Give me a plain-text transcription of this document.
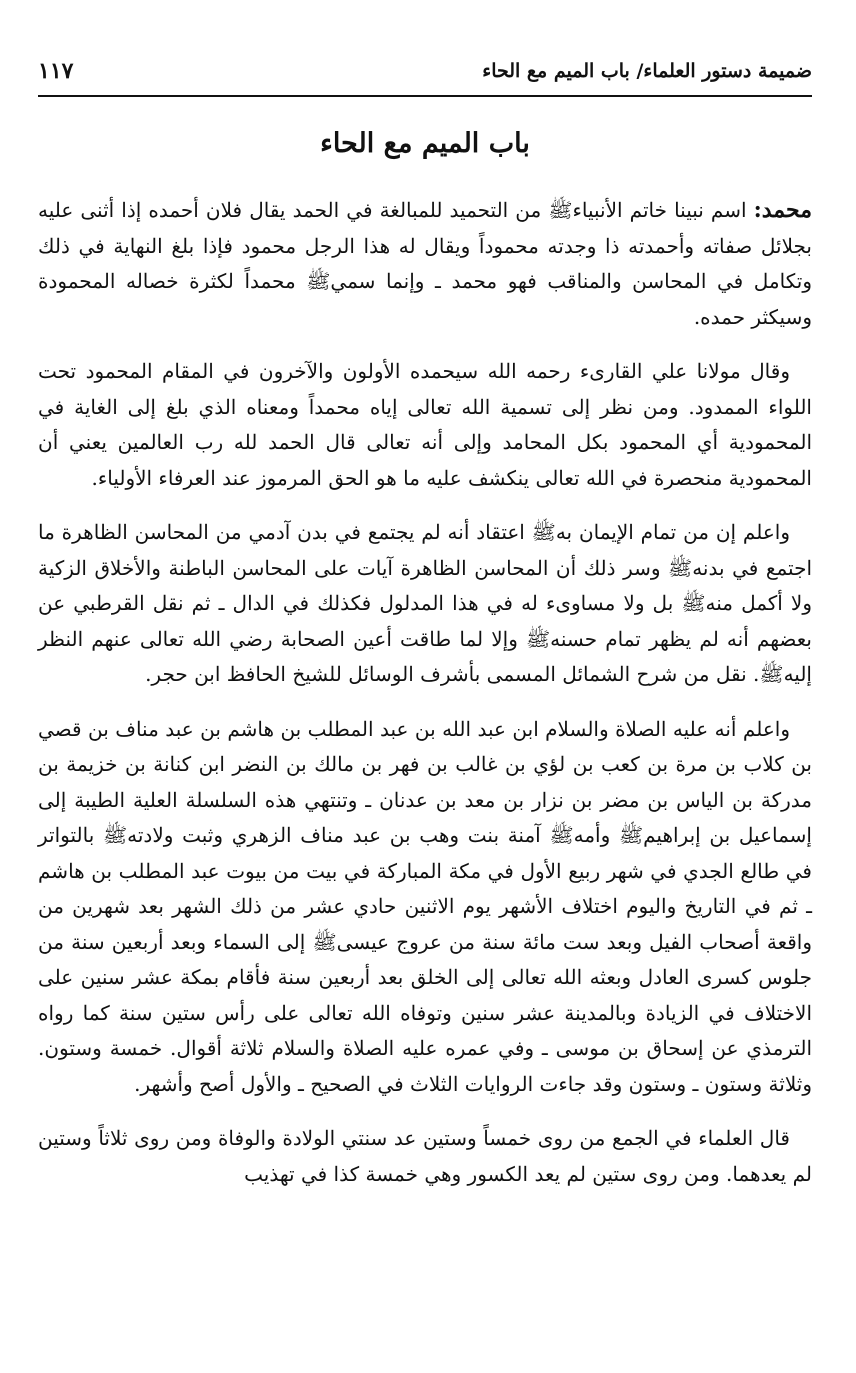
ضميمة دستور العلماء/ باب الميم مع الحاء
١١٧
باب الميم مع الحاء

محمد: اسم نبينا خاتم الأنبياءﷺ من التحميد للمبالغة في الحمد يقال فلان أحمده إذا أثنى عليه بجلائل صفاته وأحمدته ذا وجدته محموداً ويقال له هذا الرجل محمود فإذا بلغ النهاية في ذلك وتكامل في المحاسن والمناقب فهو محمد ـ وإنما سميﷺ محمداً لكثرة خصاله المحمودة وسيكثر حمده.

وقال مولانا علي القارىء رحمه الله سيحمده الأولون والآخرون في المقام المحمود تحت اللواء الممدود. ومن نظر إلى تسمية الله تعالى إياه محمداً ومعناه الذي بلغ إلى الغاية في المحمودية أي المحمود بكل المحامد وإلى أنه تعالى قال الحمد لله رب العالمين يعني أن المحمودية منحصرة في الله تعالى ينكشف عليه ما هو الحق المرموز عند العرفاء الأولياء.

واعلم إن من تمام الإيمان بهﷺ اعتقاد أنه لم يجتمع في بدن آدمي من المحاسن الظاهرة ما اجتمع في بدنهﷺ وسر ذلك أن المحاسن الظاهرة آيات على المحاسن الباطنة والأخلاق الزكية ولا أكمل منهﷺ بل ولا مساوىء له في هذا المدلول فكذلك في الدال ـ ثم نقل القرطبي عن بعضهم أنه لم يظهر تمام حسنهﷺ وإلا لما طاقت أعين الصحابة رضي الله تعالى عنهم النظر إليهﷺ. نقل من شرح الشمائل المسمى بأشرف الوسائل للشيخ الحافظ ابن حجر.

واعلم أنه عليه الصلاة والسلام ابن عبد الله بن عبد المطلب بن هاشم بن عبد مناف بن قصي بن كلاب بن مرة بن كعب بن لؤي بن غالب بن فهر بن مالك بن النضر ابن كنانة بن خزيمة بن مدركة بن الياس بن مضر بن نزار بن معد بن عدنان ـ وتنتهي هذه السلسلة العلية الطيبة إلى إسماعيل بن إبراهيمﷺ وأمهﷺ آمنة بنت وهب بن عبد مناف الزهري وثبت ولادتهﷺ بالتواتر في طالع الجدي في شهر ربيع الأول في مكة المباركة في بيت من بيوت عبد المطلب بن هاشم ـ ثم في التاريخ واليوم اختلاف الأشهر يوم الاثنين حادي عشر من ذلك الشهر بعد شهرين من واقعة أصحاب الفيل وبعد ست مائة سنة من عروج عيسىﷺ إلى السماء وبعد أربعين سنة من جلوس كسرى العادل وبعثه الله تعالى إلى الخلق بعد أربعين سنة فأقام بمكة عشر سنين على الاختلاف في الزيادة وبالمدينة عشر سنين وتوفاه الله تعالى على رأس ستين سنة كما رواه الترمذي عن إسحاق بن موسى ـ وفي عمره عليه الصلاة والسلام ثلاثة أقوال. خمسة وستون. وثلاثة وستون ـ وستون وقد جاءت الروايات الثلاث في الصحيح ـ والأول أصح وأشهر.

قال العلماء في الجمع من روى خمساً وستين عد سنتي الولادة والوفاة ومن روى ثلاثاً وستين لم يعدهما. ومن روى ستين لم يعد الكسور وهي خمسة كذا في تهذيب
